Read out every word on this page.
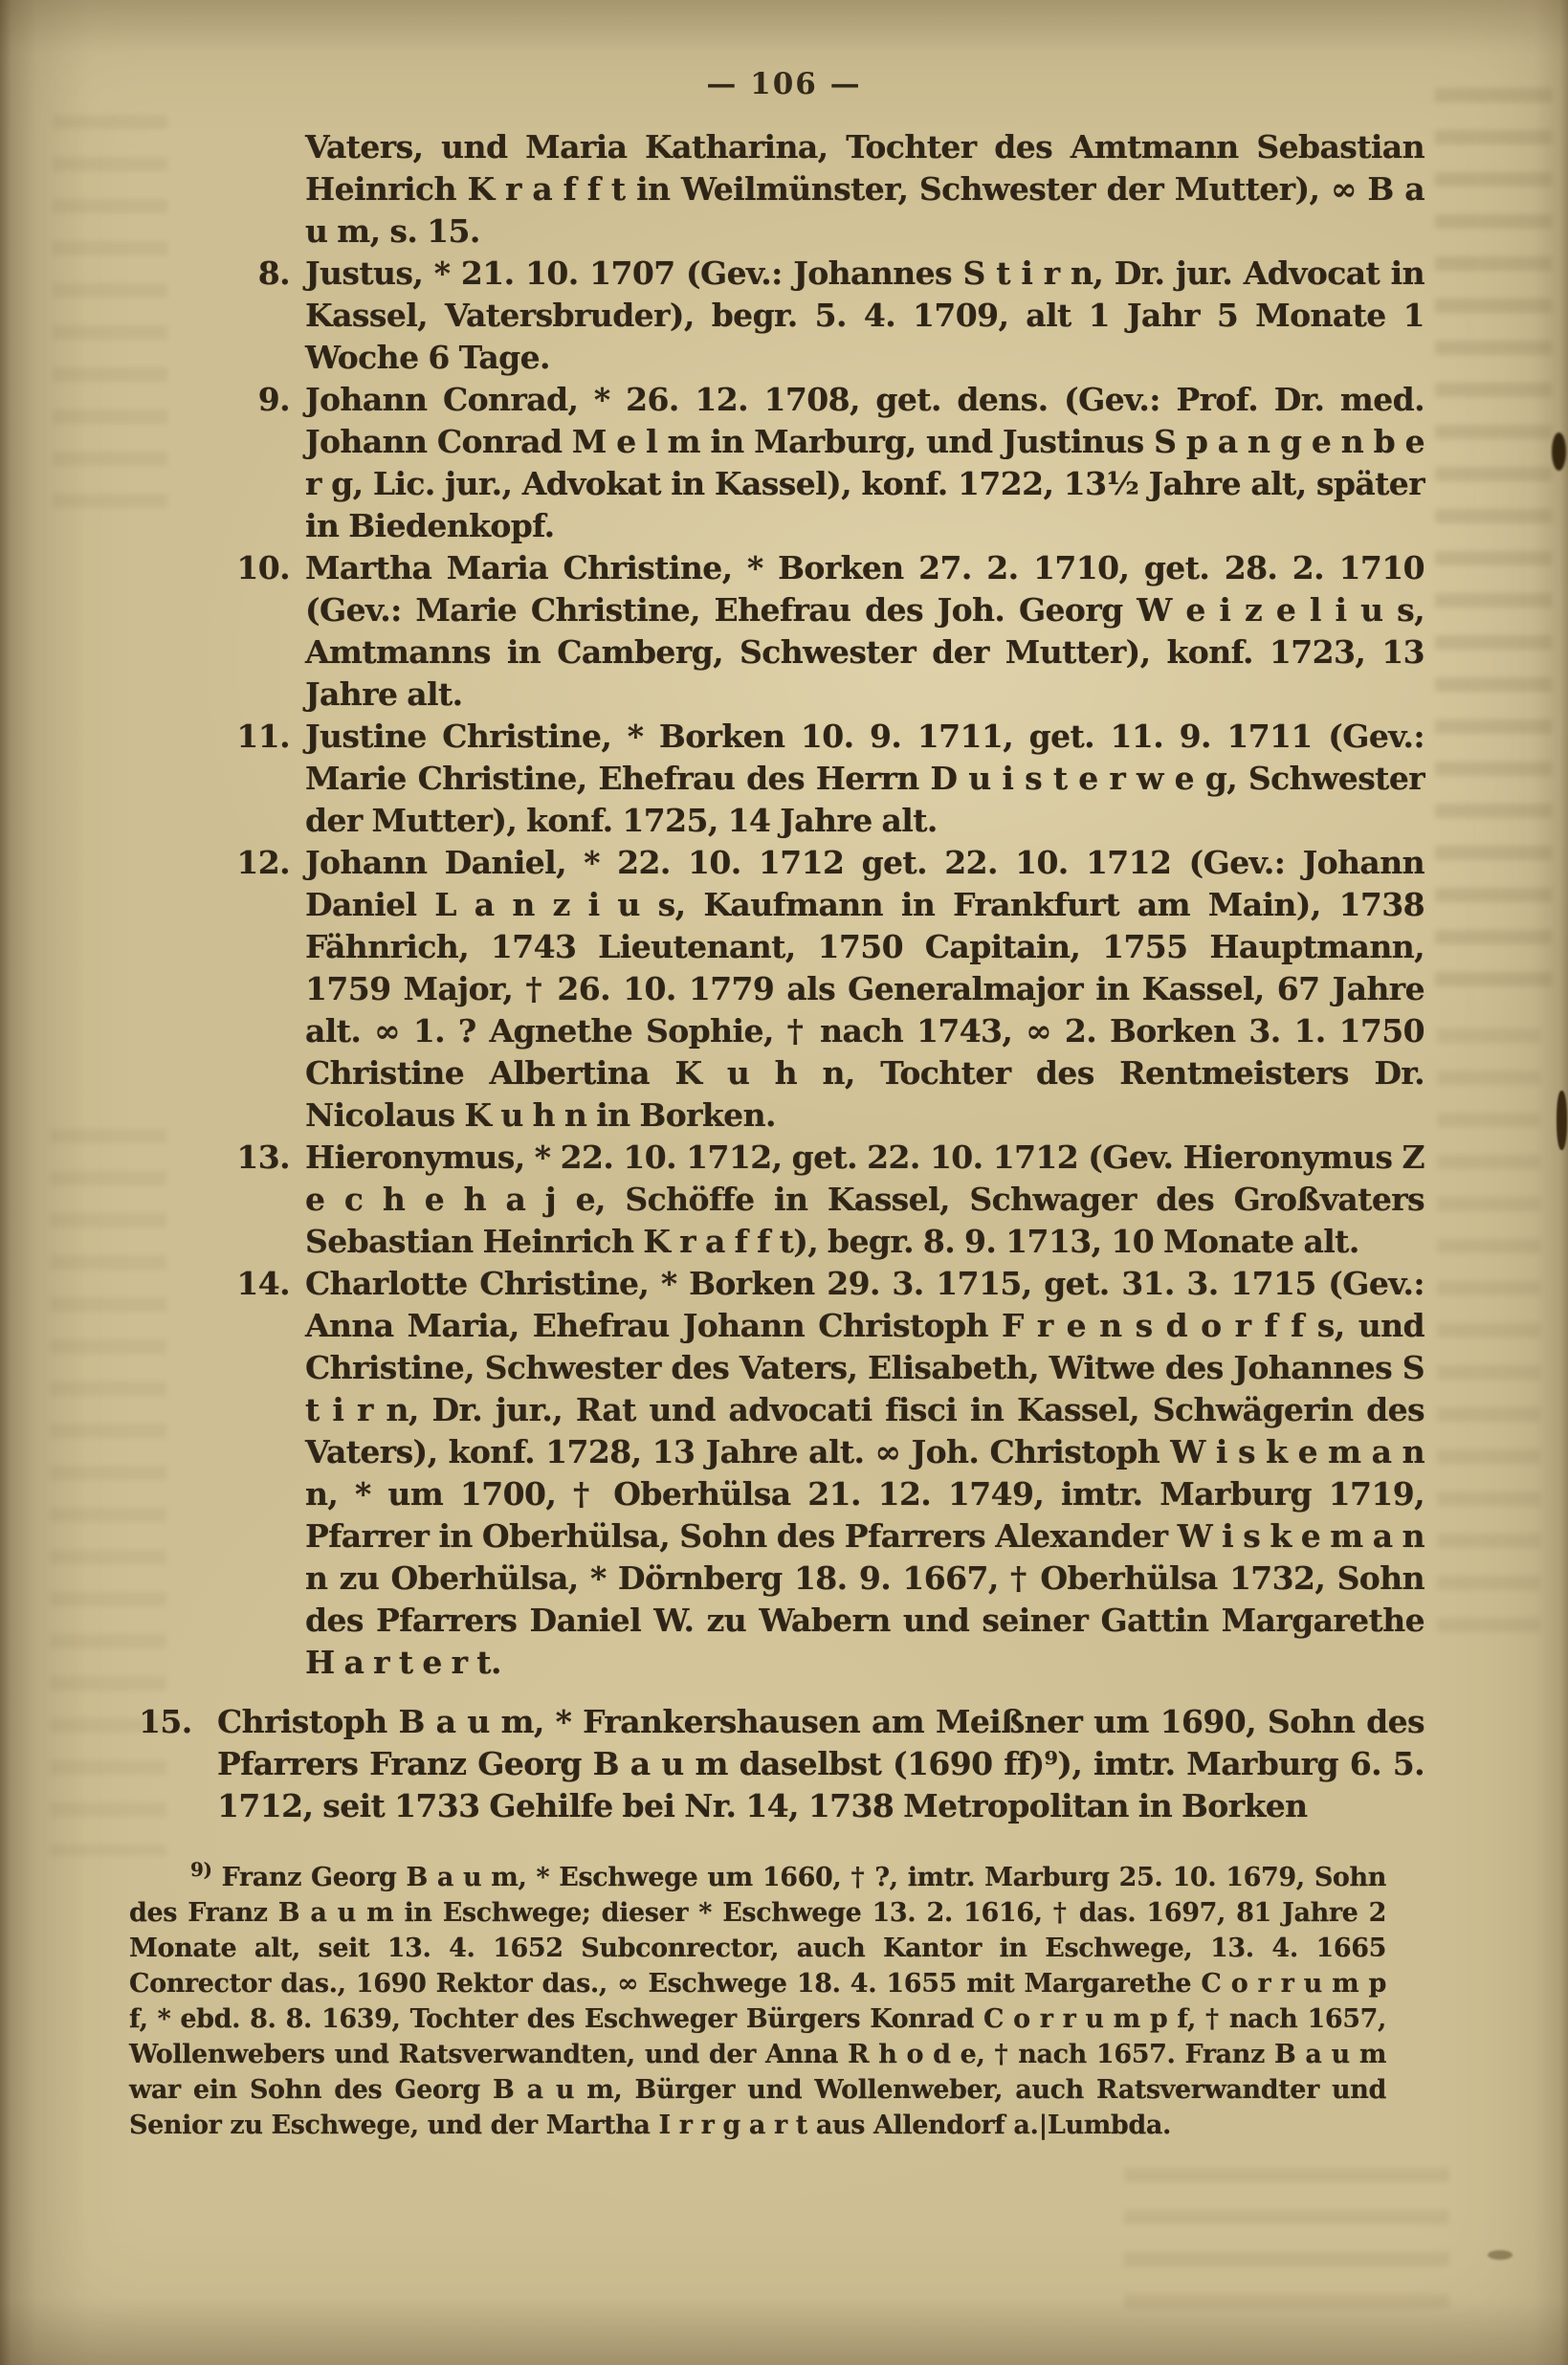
— 106 —

Vaters, und Maria Katharina, Tochter des Amtmann Sebastian Heinrich K r a f f t in Weilmünster, Schwester der Mutter), ∞ B a u m, s. 15.

8. Justus, * 21. 10. 1707 (Gev.: Johannes S t i r n, Dr. jur. Advocat in Kassel, Vatersbruder), begr. 5. 4. 1709, alt 1 Jahr 5 Monate 1 Woche 6 Tage.

9. Johann Conrad, * 26. 12. 1708, get. dens. (Gev.: Prof. Dr. med. Johann Conrad M e l m in Marburg, und Justinus S p a n g e n b e r g, Lic. jur., Advokat in Kassel), konf. 1722, 13½ Jahre alt, später in Biedenkopf.

10. Martha Maria Christine, * Borken 27. 2. 1710, get. 28. 2. 1710 (Gev.: Marie Christine, Ehefrau des Joh. Georg W e i z e l i u s, Amtmanns in Camberg, Schwester der Mutter), konf. 1723, 13 Jahre alt.

11. Justine Christine, * Borken 10. 9. 1711, get. 11. 9. 1711 (Gev.: Marie Christine, Ehefrau des Herrn D u i s t e r w e g, Schwester der Mutter), konf. 1725, 14 Jahre alt.

12. Johann Daniel, * 22. 10. 1712 get. 22. 10. 1712 (Gev.: Johann Daniel L a n z i u s, Kaufmann in Frankfurt am Main), 1738 Fähnrich, 1743 Lieutenant, 1750 Capitain, 1755 Hauptmann, 1759 Major, † 26. 10. 1779 als Generalmajor in Kassel, 67 Jahre alt. ∞ 1. ? Agnethe Sophie, † nach 1743, ∞ 2. Borken 3. 1. 1750 Christine Albertina K u h n, Tochter des Rentmeisters Dr. Nicolaus K u h n in Borken.

13. Hieronymus, * 22. 10. 1712, get. 22. 10. 1712 (Gev. Hieronymus Z e c h e h a j e, Schöffe in Kassel, Schwager des Großvaters Sebastian Heinrich K r a f f t), begr. 8. 9. 1713, 10 Monate alt.

14. Charlotte Christine, * Borken 29. 3. 1715, get. 31. 3. 1715 (Gev.: Anna Maria, Ehefrau Johann Christoph F r e n s d o r f f s, und Christine, Schwester des Vaters, Elisabeth, Witwe des Johannes S t i r n, Dr. jur., Rat und advocati fisci in Kassel, Schwägerin des Vaters), konf. 1728, 13 Jahre alt. ∞ Joh. Christoph W i s k e m a n n, * um 1700, † Oberhülsa 21. 12. 1749, imtr. Marburg 1719, Pfarrer in Oberhülsa, Sohn des Pfarrers Alexander W i s k e m a n n zu Oberhülsa, * Dörnberg 18. 9. 1667, † Oberhülsa 1732, Sohn des Pfarrers Daniel W. zu Wabern und seiner Gattin Margarethe H a r t e r t.

15. Christoph B a u m, * Frankershausen am Meißner um 1690, Sohn des Pfarrers Franz Georg B a u m daselbst (1690 ff)⁹), imtr. Marburg 6. 5. 1712, seit 1733 Gehilfe bei Nr. 14, 1738 Metropolitan in Borken

$^{9)}$ Franz Georg B a u m, * Eschwege um 1660, † ?, imtr. Marburg 25. 10. 1679, Sohn des Franz B a u m in Eschwege; dieser * Eschwege 13. 2. 1616, † das. 1697, 81 Jahre 2 Monate alt, seit 13. 4. 1652 Subconrector, auch Kantor in Eschwege, 13. 4. 1665 Conrector das., 1690 Rektor das., ∞ Eschwege 18. 4. 1655 mit Margarethe C o r r u m p f, * ebd. 8. 8. 1639, Tochter des Eschweger Bürgers Konrad C o r r u m p f, † nach 1657, Wollenwebers und Ratsverwandten, und der Anna R h o d e, † nach 1657. Franz B a u m war ein Sohn des Georg B a u m, Bürger und Wollenweber, auch Ratsverwandter und Senior zu Eschwege, und der Martha I r r g a r t aus Allendorf a.|Lumbda.
